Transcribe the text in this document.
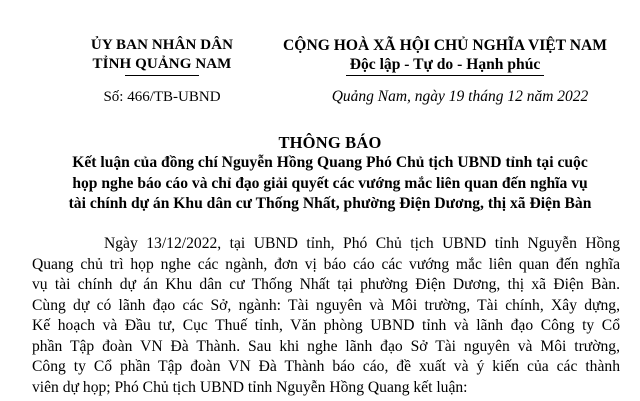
ỦY BAN NHÂN DÂN
TỈNH QUẢNG NAM
Số: 466/TB-UBND
CỘNG HOÀ XÃ HỘI CHỦ NGHĨA VIỆT NAM
Độc lập - Tự do - Hạnh phúc
Quảng Nam, ngày 19 tháng 12 năm 2022
THÔNG BÁO
Kết luận của đồng chí Nguyễn Hồng Quang Phó Chủ tịch UBND tỉnh tại cuộc
họp nghe báo cáo và chỉ đạo giải quyết các vướng mắc liên quan đến nghĩa vụ
tài chính dự án Khu dân cư Thống Nhất, phường Điện Dương, thị xã Điện Bàn
Ngày 13/12/2022, tại UBND tỉnh, Phó Chủ tịch UBND tỉnh Nguyễn Hồng
Quang chủ trì họp nghe các ngành, đơn vị báo cáo các vướng mắc liên quan đến nghĩa
vụ tài chính dự án Khu dân cư Thống Nhất tại phường Điện Dương, thị xã Điện Bàn.
Cùng dự có lãnh đạo các Sở, ngành: Tài nguyên và Môi trường, Tài chính, Xây dựng,
Kế hoạch và Đầu tư, Cục Thuế tỉnh, Văn phòng UBND tỉnh và lãnh đạo Công ty Cổ
phần Tập đoàn VN Đà Thành. Sau khi nghe lãnh đạo Sở Tài nguyên và Môi trường,
Công ty Cổ phần Tập đoàn VN Đà Thành báo cáo, đề xuất và ý kiến của các thành
viên dự họp; Phó Chủ tịch UBND tỉnh Nguyễn Hồng Quang kết luận:
